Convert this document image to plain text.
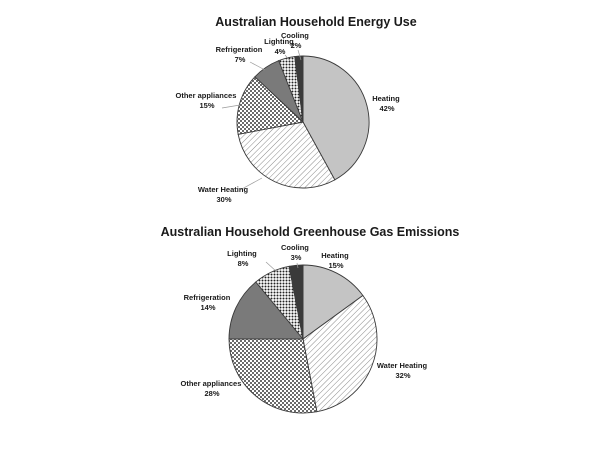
Australian Household Energy Use
Heating 42%
Water Heating 30%
Other appliances 15%
Refrigeration 7%
Lighting 4%
Cooling 2%
Australian Household Greenhouse Gas Emissions
Heating 15%
Water Heating 32%
Other appliances 28%
Refrigeration 14%
Lighting 8%
Cooling 3%
